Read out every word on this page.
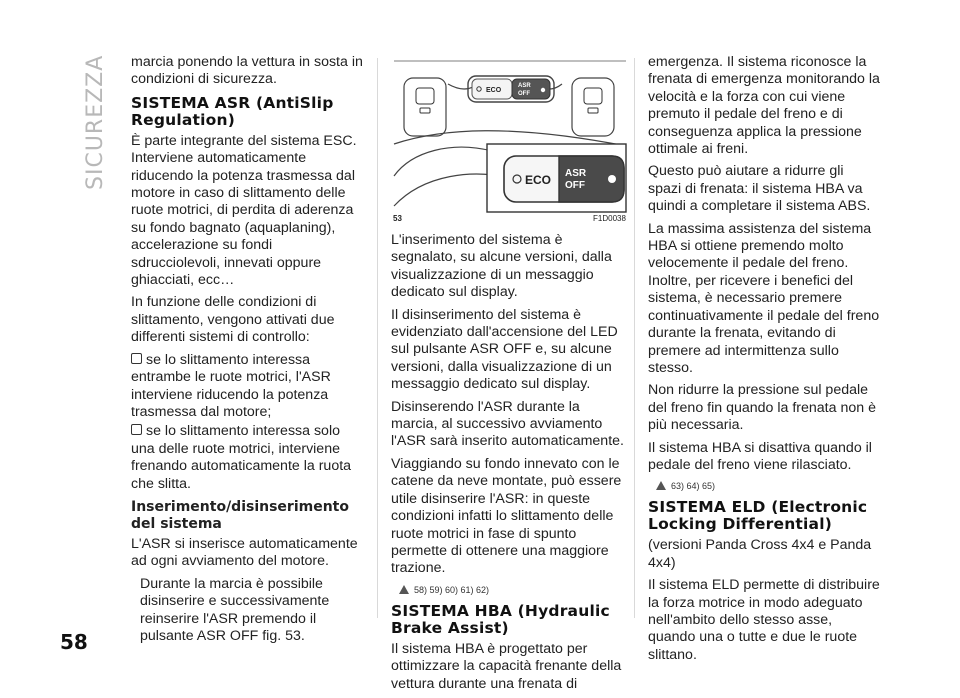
SICUREZZA
58

marcia ponendo la vettura in sosta in condizioni di sicurezza.

SISTEMA ASR (AntiSlip Regulation)

È parte integrante del sistema ESC. Interviene automaticamente riducendo la potenza trasmessa dal motore in caso di slittamento delle ruote motrici, di perdita di aderenza su fondo bagnato (aquaplaning), accelerazione su fondi sdrucciolevoli, innevati oppure ghiacciati, ecc…

In funzione delle condizioni di slittamento, vengono attivati due differenti sistemi di controllo:

se lo slittamento interessa entrambe le ruote motrici, l'ASR interviene riducendo la potenza trasmessa dal motore;

se lo slittamento interessa solo una delle ruote motrici, interviene frenando automaticamente la ruota che slitta.

Inserimento/disinserimento del sistema

L'ASR si inserisce automaticamente ad ogni avviamento del motore.

Durante la marcia è possibile disinserire e successivamente reinserire l'ASR premendo il pulsante ASR OFF fig. 53.

ECO
ASR
OFF
ECO ASR
OFF
53	F1D0038

L'inserimento del sistema è segnalato, su alcune versioni, dalla visualizzazione di un messaggio dedicato sul display.

Il disinserimento del sistema è evidenziato dall'accensione del LED sul pulsante ASR OFF e, su alcune versioni, dalla visualizzazione di un messaggio dedicato sul display.

Disinserendo l'ASR durante la marcia, al successivo avviamento l'ASR sarà inserito automaticamente.

Viaggiando su fondo innevato con le catene da neve montate, può essere utile disinserire l'ASR: in queste condizioni infatti lo slittamento delle ruote motrici in fase di spunto permette di ottenere una maggiore trazione.

58) 59) 60) 61) 62)
SISTEMA HBA (Hydraulic Brake Assist)

Il sistema HBA è progettato per ottimizzare la capacità frenante della vettura durante una frenata di

emergenza. Il sistema riconosce la frenata di emergenza monitorando la velocità e la forza con cui viene premuto il pedale del freno e di conseguenza applica la pressione ottimale ai freni.

Questo può aiutare a ridurre gli spazi di frenata: il sistema HBA va quindi a completare il sistema ABS.

La massima assistenza del sistema HBA si ottiene premendo molto velocemente il pedale del freno. Inoltre, per ricevere i benefici del sistema, è necessario premere continuativamente il pedale del freno durante la frenata, evitando di premere ad intermittenza sullo stesso.

Non ridurre la pressione sul pedale del freno fin quando la frenata non è più necessaria.

Il sistema HBA si disattiva quando il pedale del freno viene rilasciato.

63) 64) 65)
SISTEMA ELD (Electronic Locking Differential)

(versioni Panda Cross 4x4 e Panda 4x4)

Il sistema ELD permette di distribuire la forza motrice in modo adeguato nell'ambito dello stesso asse, quando una o tutte e due le ruote slittano.
